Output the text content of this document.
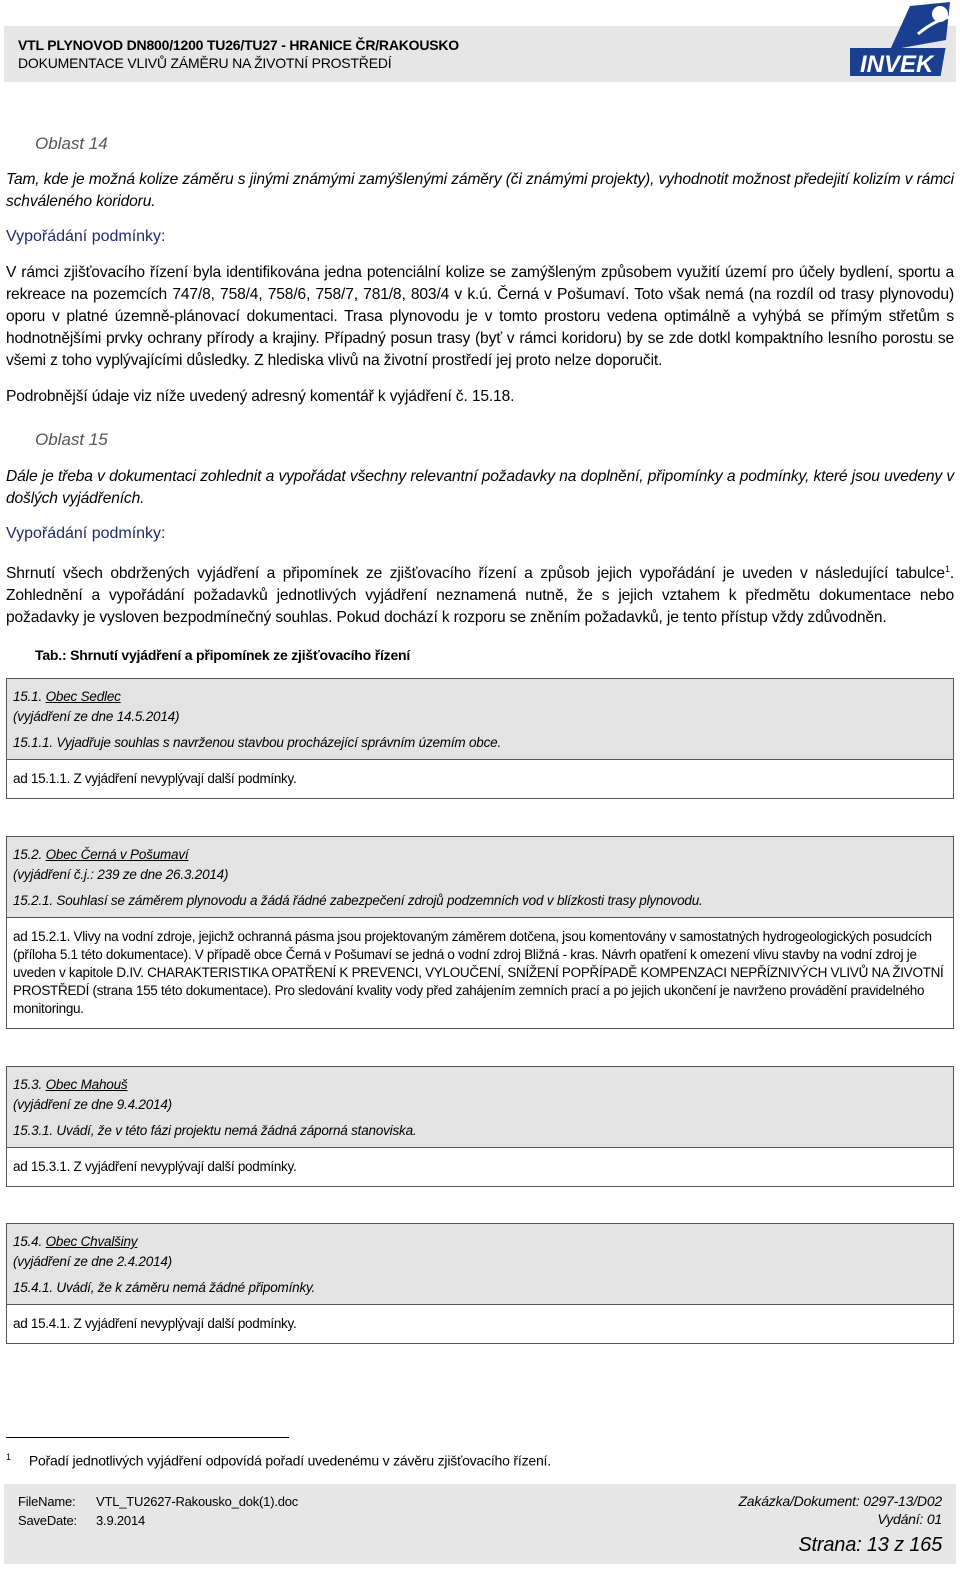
VTL PLYNOVOD DN800/1200 TU26/TU27 - HRANICE ČR/RAKOUSKO
DOKUMENTACE VLIVŮ ZÁMĚRU NA ŽIVOTNÍ PROSTŘEDÍ	INVEK
Oblast 14
Tam, kde je možná kolize záměru s jinými známými zamýšlenými záměry (či známými projekty), vyhodnotit možnost předejití kolizím v rámci schváleného koridoru.
Vypořádání podmínky:
V rámci zjišťovacího řízení byla identifikována jedna potenciální kolize se zamýšleným způsobem využití území pro účely bydlení, sportu a rekreace na pozemcích 747/8, 758/4, 758/6, 758/7, 781/8, 803/4 v k.ú. Černá v Pošumaví. Toto však nemá (na rozdíl od trasy plynovodu) oporu v platné územně-plánovací dokumentaci. Trasa plynovodu je v tomto prostoru vedena optimálně a vyhýbá se přímým střetům s hodnotnějšími prvky ochrany přírody a krajiny. Případný posun trasy (byť v rámci koridoru) by se zde dotkl kompaktního lesního porostu se všemi z toho vyplývajícími důsledky. Z hlediska vlivů na životní prostředí jej proto nelze doporučit.
Podrobnější údaje viz níže uvedený adresný komentář k vyjádření č. 15.18.
Oblast 15
Dále je třeba v dokumentaci zohlednit a vypořádat všechny relevantní požadavky na doplnění, připomínky a podmínky, které jsou uvedeny v došlých vyjádřeních.
Vypořádání podmínky:
Shrnutí všech obdržených vyjádření a připomínek ze zjišťovacího řízení a způsob jejich vypořádání je uveden v následující tabulce$^1$. Zohlednění a vypořádání požadavků jednotlivých vyjádření neznamená nutně, že s jejich vztahem k předmětu dokumentace nebo požadavky je vysloven bezpodmínečný souhlas. Pokud dochází k rozporu se zněním požadavků, je tento přístup vždy zdůvodněn.
Tab.: Shrnutí vyjádření a připomínek ze zjišťovacího řízení
15.1. Obec Sedlec
(vyjádření ze dne 14.5.2014)
15.1.1. Vyjadřuje souhlas s navrženou stavbou procházející správním územím obce.
ad 15.1.1. Z vyjádření nevyplývají další podmínky.
15.2. Obec Černá v Pošumaví
(vyjádření č.j.: 239 ze dne 26.3.2014)
15.2.1. Souhlasí se záměrem plynovodu a žádá řádné zabezpečení zdrojů podzemních vod v blízkosti trasy plynovodu.
ad 15.2.1. Vlivy na vodní zdroje, jejichž ochranná pásma jsou projektovaným záměrem dotčena, jsou komentovány v samostatných hydrogeologických posudcích (příloha 5.1 této dokumentace). V případě obce Černá v Pošumaví se jedná o vodní zdroj Bližná - kras. Návrh opatření k omezení vlivu stavby na vodní zdroj je uveden v kapitole D.IV. CHARAKTERISTIKA OPATŘENÍ K PREVENCI, VYLOUČENÍ, SNÍŽENÍ POPŘÍPADĚ KOMPENZACI NEPŘÍZNIVÝCH VLIVŮ NA ŽIVOTNÍ PROSTŘEDÍ (strana 155 této dokumentace). Pro sledování kvality vody před zahájením zemních prací a po jejich ukončení je navrženo provádění pravidelného monitoringu.
15.3. Obec Mahouš
(vyjádření ze dne 9.4.2014)
15.3.1. Uvádí, že v této fázi projektu nemá žádná záporná stanoviska.
ad 15.3.1. Z vyjádření nevyplývají další podmínky.
15.4. Obec Chvalšiny
(vyjádření ze dne 2.4.2014)
15.4.1. Uvádí, že k záměru nemá žádné připomínky.
ad 15.4.1. Z vyjádření nevyplývají další podmínky.
$^1$ Pořadí jednotlivých vyjádření odpovídá pořadí uvedenému v závěru zjišťovacího řízení.
FileName: VTL_TU2627-Rakousko_dok(1).doc
SaveDate: 3.9.2014
Zakázka/Dokument: 0297-13/D02
Vydání: 01
Strana: 13 z 165
